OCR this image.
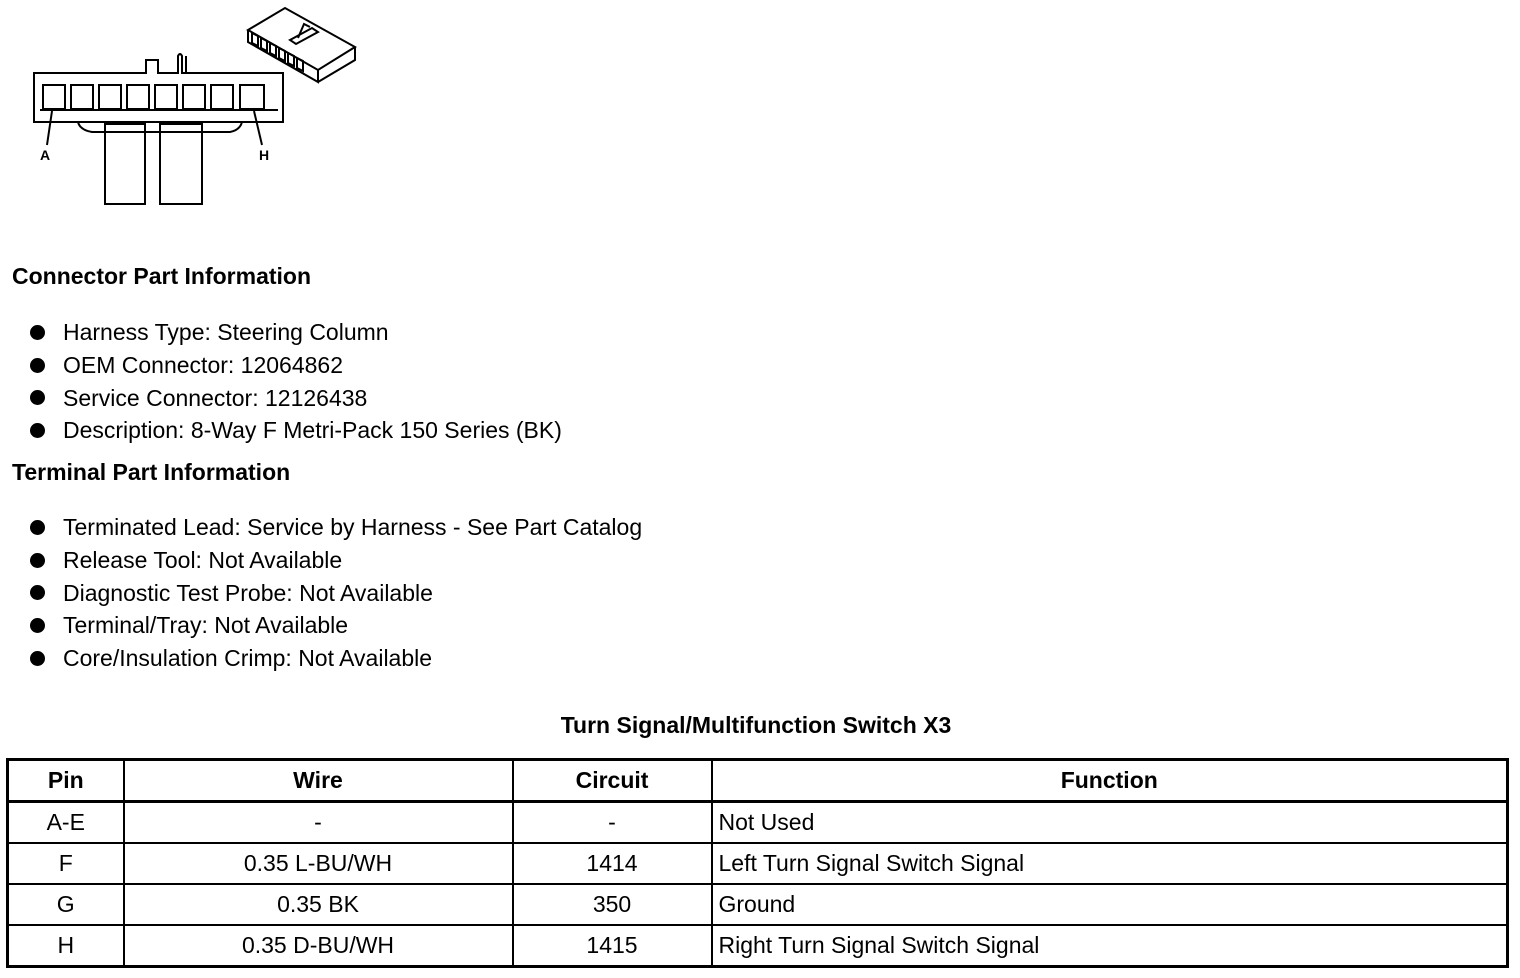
A	H
Connector Part Information
Harness Type: Steering Column
OEM Connector: 12064862
Service Connector: 12126438
Description: 8-Way F Metri-Pack 150 Series (BK)
Terminal Part Information
Terminated Lead: Service by Harness - See Part Catalog
Release Tool: Not Available
Diagnostic Test Probe: Not Available
Terminal/Tray: Not Available
Core/Insulation Crimp: Not Available
Turn Signal/Multifunction Switch X3
Pin	Wire	Circuit	Function
A-E	-	-	Not Used
F	0.35 L-BU/WH	1414	Left Turn Signal Switch Signal
G	0.35 BK	350	Ground
H	0.35 D-BU/WH	1415	Right Turn Signal Switch Signal
